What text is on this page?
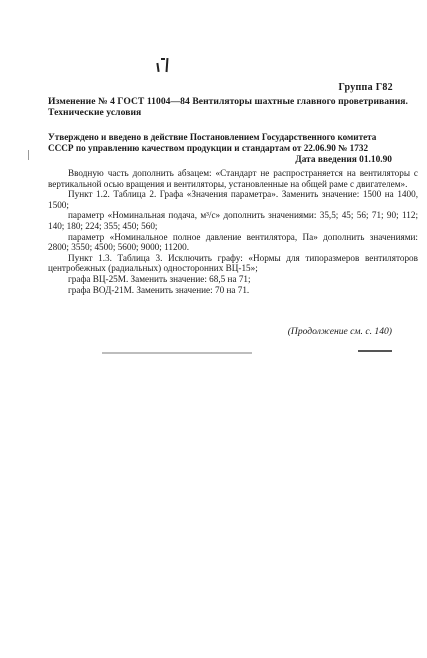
Группа Г82
Изменение № 4 ГОСТ 11004—84 Вентиляторы шахтные главного проветривания.
Технические условия
Утверждено и введено в действие Постановлением Государственного комитета
СССР по управлению качеством продукции и стандартам от 22.06.90 № 1732
Дата введения 01.10.90

Вводную часть дополнить абзацем: «Стандарт не распространяется на вентиляторы с вертикальной осью вращения и вентиляторы, установленные на общей раме с двигателем».

Пункт 1.2. Таблица 2. Графа «Значения параметра». Заменить значение: 1500 на 1400, 1500;

параметр «Номинальная подача, м³/с» дополнить значениями: 35,5; 45; 56; 71; 90; 112; 140; 180; 224; 355; 450; 560;

параметр «Номинальное полное давление вентилятора, Па» дополнить значениями: 2800; 3550; 4500; 5600; 9000; 11200.

Пункт 1.3. Таблица 3. Исключить графу: «Нормы для типоразмеров вентиляторов центробежных (радиальных) односторонних ВЦ-15»;

графа ВЦ-25М. Заменить значение: 68,5 на 71;

графа ВОД-21М. Заменить значение: 70 на 71.

(Продолжение см. с. 140)
